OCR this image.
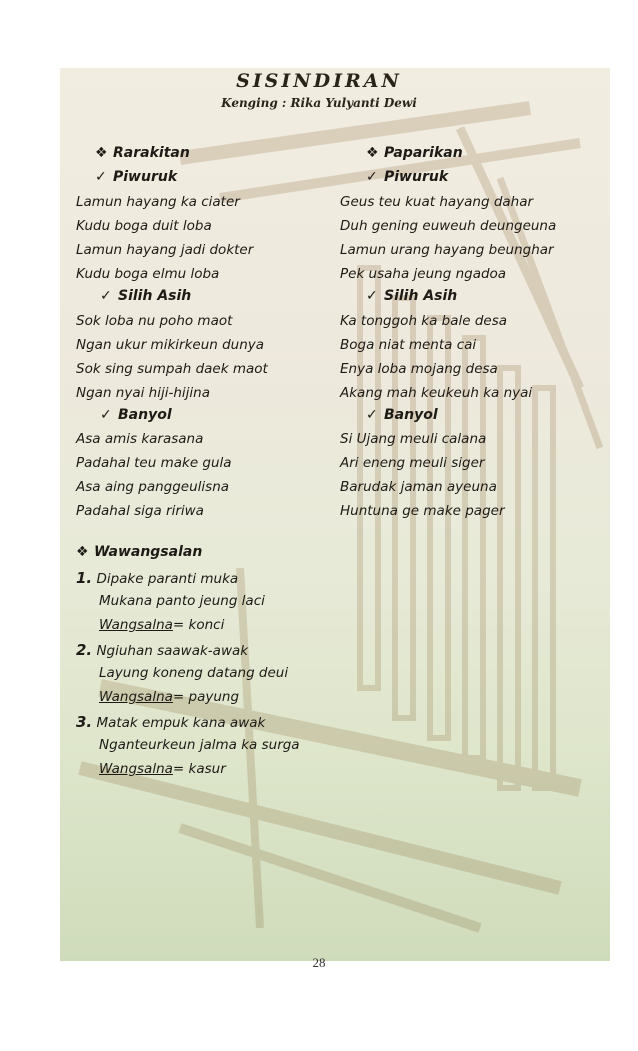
SISINDIRAN
Kenging : Rika Yulyanti Dewi
❖ Rarakitan
✓ Piwuruk
Lamun hayang ka ciater
Kudu boga duit loba
Lamun hayang jadi dokter
Kudu boga elmu loba
✓ Silih Asih
Sok loba nu poho maot
Ngan ukur mikirkeun dunya
Sok sing sumpah daek maot
Ngan nyai hiji-hijina
✓ Banyol
Asa amis karasana
Padahal teu make gula
Asa aing panggeulisna
Padahal siga ririwa
❖ Paparikan
✓ Piwuruk
Geus teu kuat hayang dahar
Duh gening euweuh deungeuna
Lamun urang hayang beunghar
Pek usaha jeung ngadoa
✓ Silih Asih
Ka tonggoh ka bale desa
Boga niat menta cai
Enya loba mojang desa
Akang mah keukeuh ka nyai
✓ Banyol
Si Ujang meuli calana
Ari eneng meuli siger
Barudak jaman ayeuna
Huntuna ge make pager
❖ Wawangsalan
1. Dipake paranti muka
Mukana panto jeung laci
Wangsalna= konci
2. Ngiuhan saawak-awak
Layung koneng datang deui
Wangsalna= payung
3. Matak empuk kana awak
Nganteurkeun jalma ka surga
Wangsalna= kasur
28
